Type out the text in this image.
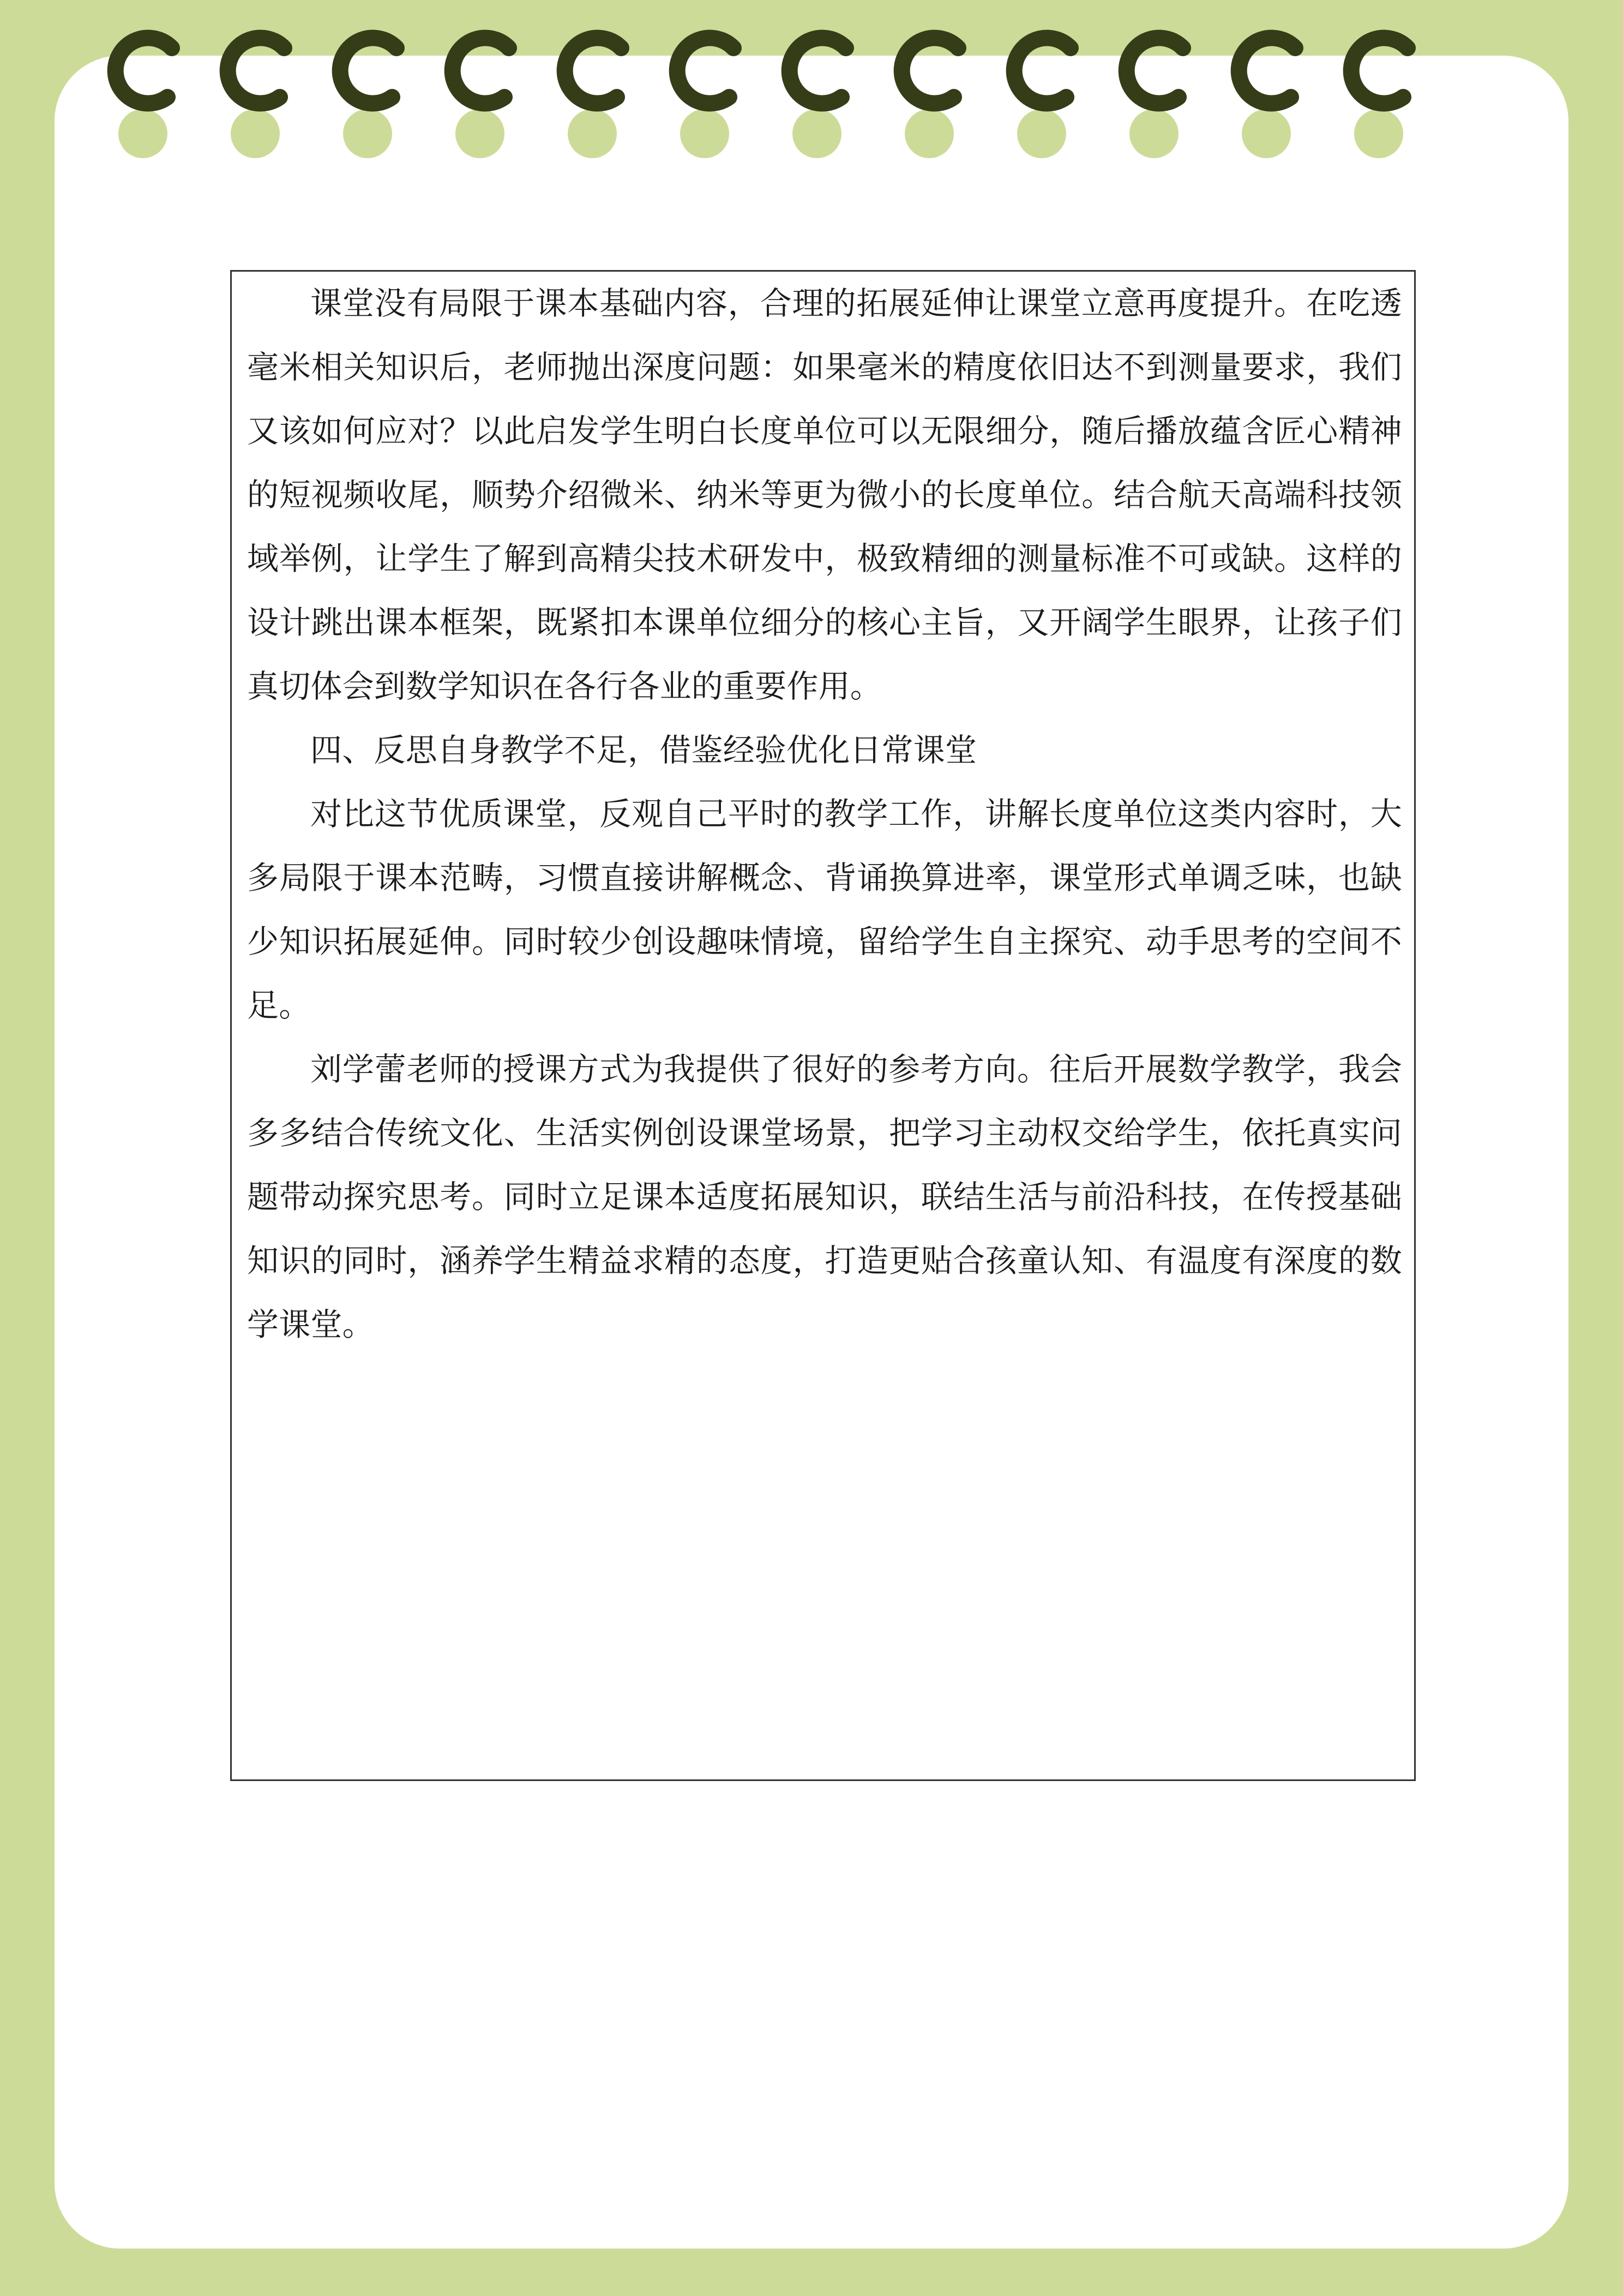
课堂没有局限于课本基础内容，合理的拓展延伸让课堂立意再度提升。在吃透毫米相关知识后，老师抛出深度问题：如果毫米的精度依旧达不到测量要求，我们又该如何应对？以此启发学生明白长度单位可以无限细分，随后播放蕴含匠心精神的短视频收尾，顺势介绍微米、纳米等更为微小的长度单位。结合航天高端科技领域举例，让学生了解到高精尖技术研发中，极致精细的测量标准不可或缺。这样的设计跳出课本框架，既紧扣本课单位细分的核心主旨，又开阔学生眼界，让孩子们真切体会到数学知识在各行各业的重要作用。

四、反思自身教学不足，借鉴经验优化日常课堂

对比这节优质课堂，反观自己平时的教学工作，讲解长度单位这类内容时，大多局限于课本范畴，习惯直接讲解概念、背诵换算进率，课堂形式单调乏味，也缺少知识拓展延伸。同时较少创设趣味情境，留给学生自主探究、动手思考的空间不足。

刘学蕾老师的授课方式为我提供了很好的参考方向。往后开展数学教学，我会多多结合传统文化、生活实例创设课堂场景，把学习主动权交给学生，依托真实问题带动探究思考。同时立足课本适度拓展知识，联结生活与前沿科技，在传授基础知识的同时，涵养学生精益求精的态度，打造更贴合孩童认知、有温度有深度的数学课堂。
